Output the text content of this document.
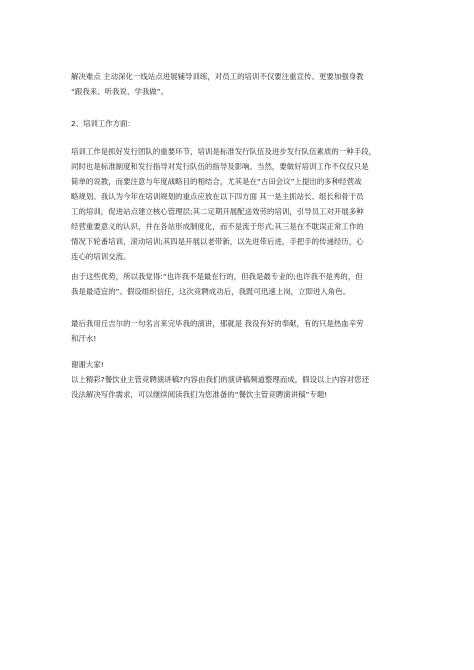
解决难点 主动深化一线站点进展辅导训练，对员工的培训不仅要注重宣传、更要加强身教
“跟我来、听我说、学我做”。

2、培训工作方面：

培训工作是抓好发行团队的重要环节，培训是标准发行队伍及进步发行队伍素质的一种手段，
同时也是标准制度和发行指导对发行队伍的指导及影响。当然，要做好培训工作不仅仅只是
简单的说教，而要注意与年度战略目的相结合，尤其是在“古田会议”上提出的多种经营战
略规划。我认为今年在培训规划的重点应放在以下四方面 其一是主抓站长、组长和骨干员
工的培训，促进站点建立核心管理层;其二定期开展配送效劳的培训，引导员工对开展多种
经营重要意义的认识，并在各站形成制度化，而不是流于形式;其三是在不耽误正常工作的
情况下轮番培训，滚动培训;其四是开展以老带新，以先进带后进，手把手的传递经历，心
连心的培训交流。

由于这些优势，所以我觉得:“也许我不是最在行的，但我是最专业的;也许我不是秀的，但
我是最适宜的”。假设组织信任，这次竞聘成功后，我既可迅速上岗，立即进入角色。

最后我用丘吉尔的一句名言来完毕我的演讲，那就是 我没有好的奉献，有的只是热血辛劳
和汗水!

谢谢大家!
以上精彩?餐饮业主管竞聘演讲稿?内容由我们的演讲稿频道整理而成，假设以上内容对您还
没法解决写作需求，可以继续阅读我们为您准备的“餐饮主管竞聘演讲稿”专题!
